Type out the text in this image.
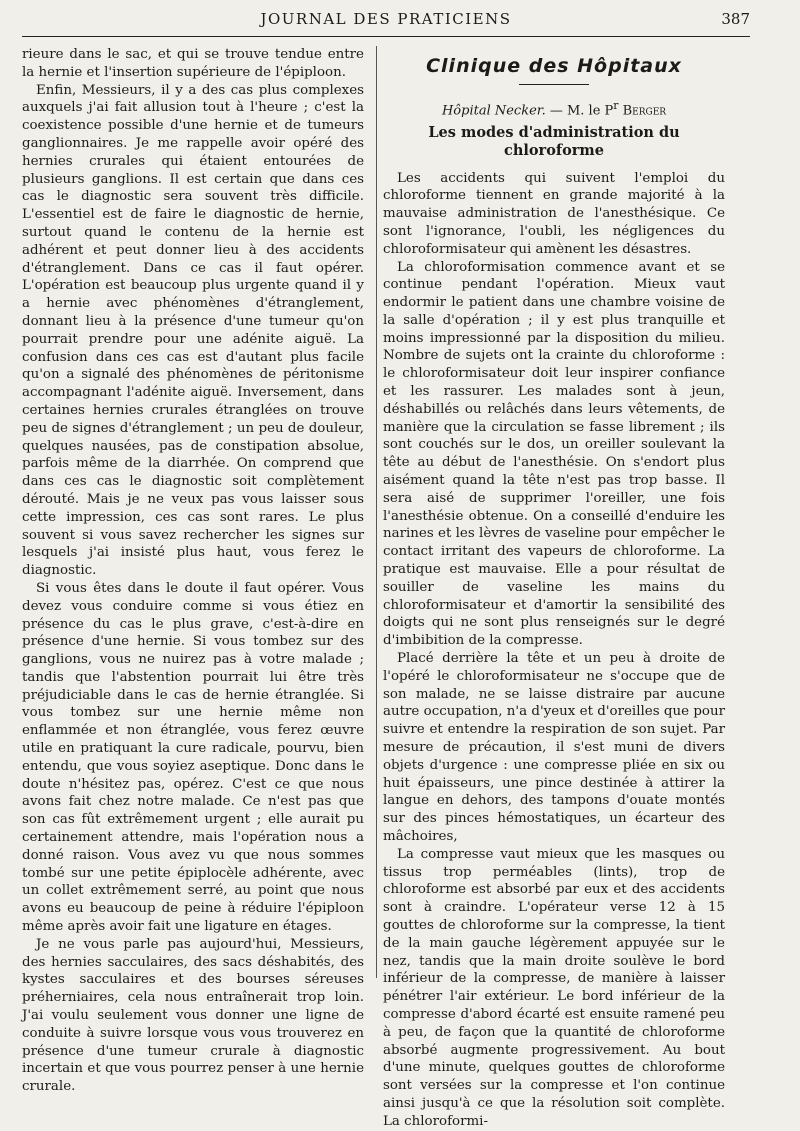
JOURNAL DES PRATICIENS	387

rieure dans le sac, et qui se trouve tendue entre la hernie et l'insertion supérieure de l'épiploon.

Enfin, Messieurs, il y a des cas plus complexes auxquels j'ai fait allusion tout à l'heure ; c'est la coexistence possible d'une hernie et de tumeurs ganglionnaires. Je me rappelle avoir opéré des hernies crurales qui étaient entourées de plusieurs ganglions. Il est certain que dans ces cas le diagnostic sera souvent très difficile. L'essentiel est de faire le diagnostic de hernie, surtout quand le contenu de la hernie est adhérent et peut donner lieu à des accidents d'étranglement. Dans ce cas il faut opérer. L'opération est beaucoup plus urgente quand il y a hernie avec phénomènes d'étranglement, donnant lieu à la présence d'une tumeur qu'on pourrait prendre pour une adénite aiguë. La confusion dans ces cas est d'autant plus facile qu'on a signalé des phénomènes de péritonisme accompagnant l'adénite aiguë. Inversement, dans certaines hernies crurales étranglées on trouve peu de signes d'étranglement ; un peu de douleur, quelques nausées, pas de constipation absolue, parfois même de la diarrhée. On comprend que dans ces cas le diagnostic soit complètement dérouté. Mais je ne veux pas vous laisser sous cette impression, ces cas sont rares. Le plus souvent si vous savez rechercher les signes sur lesquels j'ai insisté plus haut, vous ferez le diagnostic.

Si vous êtes dans le doute il faut opérer. Vous devez vous conduire comme si vous étiez en présence du cas le plus grave, c'est-à-dire en présence d'une hernie. Si vous tombez sur des ganglions, vous ne nuirez pas à votre malade ; tandis que l'abstention pourrait lui être très préjudiciable dans le cas de hernie étranglée. Si vous tombez sur une hernie même non enflammée et non étranglée, vous ferez œuvre utile en pratiquant la cure radicale, pourvu, bien entendu, que vous soyiez aseptique. Donc dans le doute n'hésitez pas, opérez. C'est ce que nous avons fait chez notre malade. Ce n'est pas que son cas fût extrêmement urgent ; elle aurait pu certainement attendre, mais l'opération nous a donné raison. Vous avez vu que nous sommes tombé sur une petite épiplocèle adhérente, avec un collet extrêmement serré, au point que nous avons eu beaucoup de peine à réduire l'épiploon même après avoir fait une ligature en étages.

Je ne vous parle pas aujourd'hui, Messieurs, des hernies sacculaires, des sacs déshabités, des kystes sacculaires et des bourses séreuses préherniaires, cela nous entraînerait trop loin. J'ai voulu seulement vous donner une ligne de conduite à suivre lorsque vous vous trouverez en présence d'une tumeur crurale à diagnostic incertain et que vous pourrez penser à une hernie crurale.

Clinique des Hôpitaux
Hôpital Necker. — M. le $P^r$ Berger
Les modes d'administration du chloroforme

Les accidents qui suivent l'emploi du chloroforme tiennent en grande majorité à la mauvaise administration de l'anesthésique. Ce sont l'ignorance, l'oubli, les négligences du chloroformisateur qui amènent les désastres.

La chloroformisation commence avant et se continue pendant l'opération. Mieux vaut endormir le patient dans une chambre voisine de la salle d'opération ; il y est plus tranquille et moins impressionné par la disposition du milieu. Nombre de sujets ont la crainte du chloroforme : le chloroformisateur doit leur inspirer confiance et les rassurer. Les malades sont à jeun, déshabillés ou relâchés dans leurs vêtements, de manière que la circulation se fasse librement ; ils sont couchés sur le dos, un oreiller soulevant la tête au début de l'anesthésie. On s'endort plus aisément quand la tête n'est pas trop basse. Il sera aisé de supprimer l'oreiller, une fois l'anesthésie obtenue. On a conseillé d'enduire les narines et les lèvres de vaseline pour empêcher le contact irritant des vapeurs de chloroforme. La pratique est mauvaise. Elle a pour résultat de souiller de vaseline les mains du chloroformisateur et d'amortir la sensibilité des doigts qui ne sont plus renseignés sur le degré d'imbibition de la compresse.

Placé derrière la tête et un peu à droite de l'opéré le chloroformisateur ne s'occupe que de son malade, ne se laisse distraire par aucune autre occupation, n'a d'yeux et d'oreilles que pour suivre et entendre la respiration de son sujet. Par mesure de précaution, il s'est muni de divers objets d'urgence : une compresse pliée en six ou huit épaisseurs, une pince destinée à attirer la langue en dehors, des tampons d'ouate montés sur des pinces hémostatiques, un écarteur des mâchoires,

La compresse vaut mieux que les masques ou tissus trop perméables (lints), trop de chloroforme est absorbé par eux et des accidents sont à craindre. L'opérateur verse 12 à 15 gouttes de chloroforme sur la compresse, la tient de la main gauche légèrement appuyée sur le nez, tandis que la main droite soulève le bord inférieur de la compresse, de manière à laisser pénétrer l'air extérieur. Le bord inférieur de la compresse d'abord écarté est ensuite ramené peu à peu, de façon que la quantité de chloroforme absorbé augmente progressivement. Au bout d'une minute, quelques gouttes de chloroforme sont versées sur la compresse et l'on continue ainsi jusqu'à ce que la résolution soit complète. La chloroformi-
